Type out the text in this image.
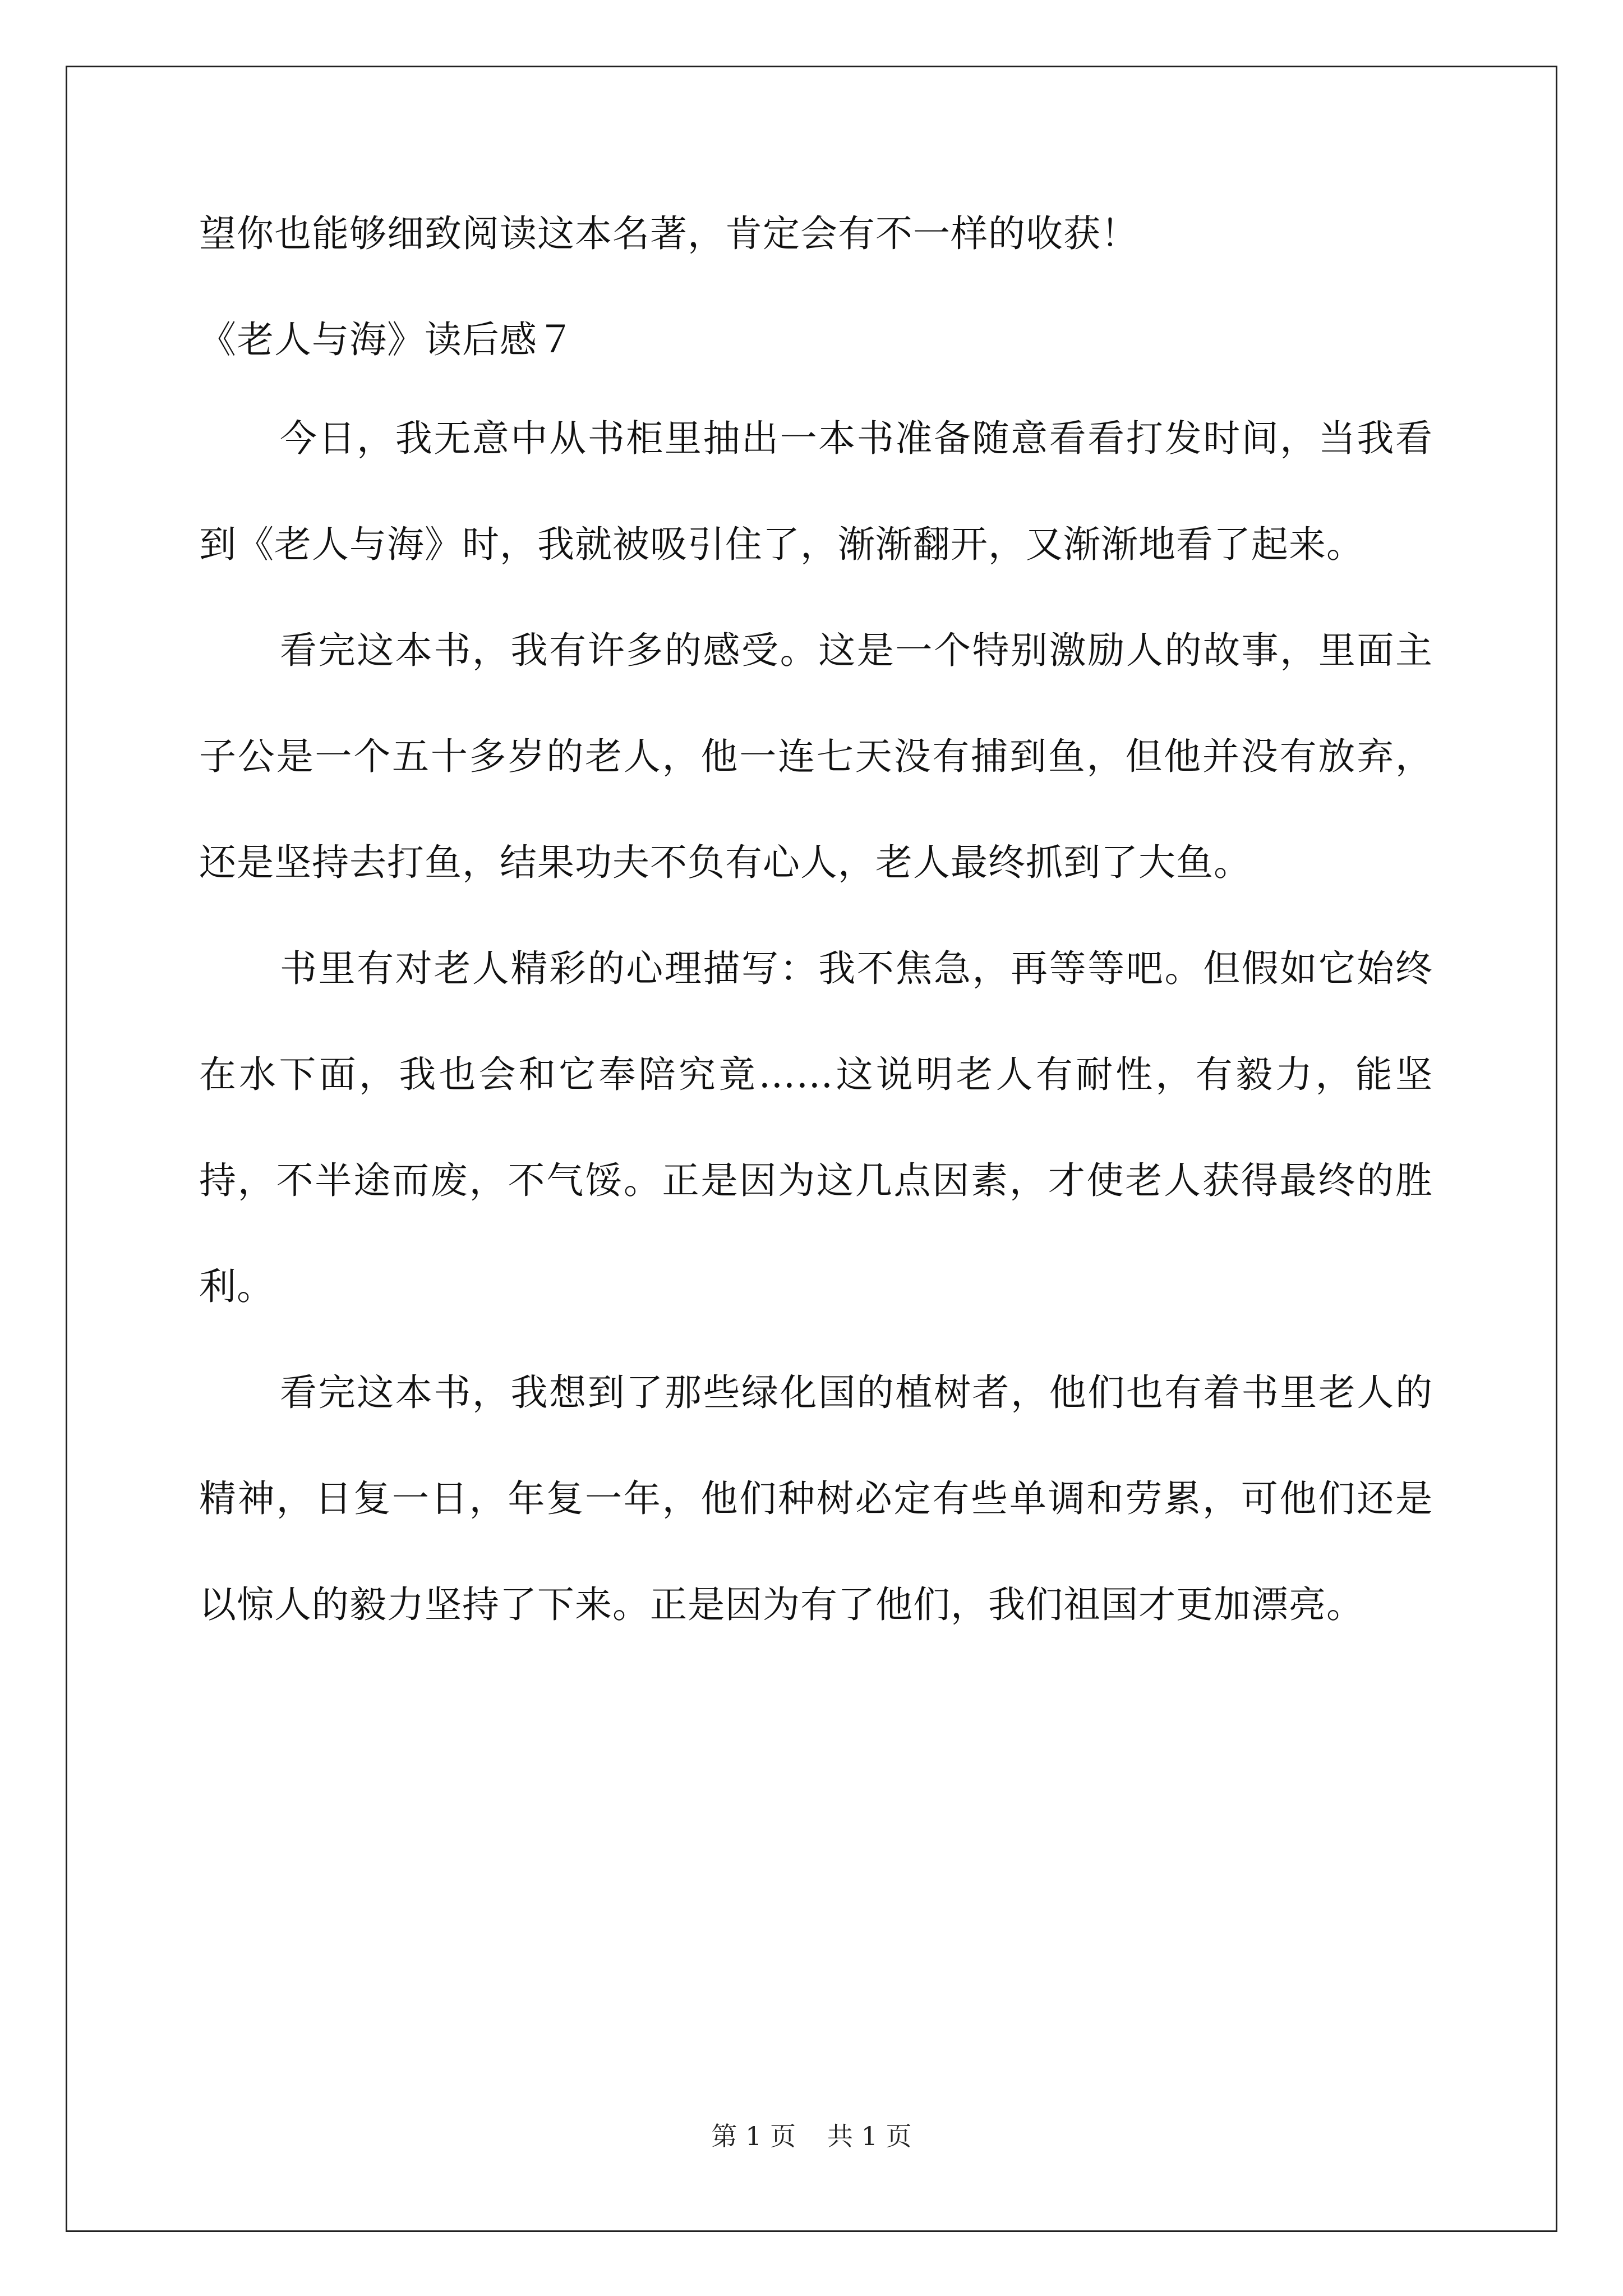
望你也能够细致阅读这本名著，肯定会有不一样的收获！

《老人与海》读后感７

今日，我无意中从书柜里抽出一本书准备随意看看打发时间，当我看到《老人与海》时，我就被吸引住了，渐渐翻开，又渐渐地看了起来。

看完这本书，我有许多的感受。这是一个特别激励人的故事，里面主子公是一个五十多岁的老人，他一连七天没有捕到鱼，但他并没有放弃，还是坚持去打鱼，结果功夫不负有心人，老人最终抓到了大鱼。

书里有对老人精彩的心理描写：我不焦急，再等等吧。但假如它始终在水下面，我也会和它奉陪究竟……这说明老人有耐性，有毅力，能坚持，不半途而废，不气馁。正是因为这几点因素，才使老人获得最终的胜利。

看完这本书，我想到了那些绿化国的植树者，他们也有着书里老人的精神，日复一日，年复一年，他们种树必定有些单调和劳累，可他们还是以惊人的毅力坚持了下来。正是因为有了他们，我们祖国才更加漂亮。

第 1 页 共 1 页
